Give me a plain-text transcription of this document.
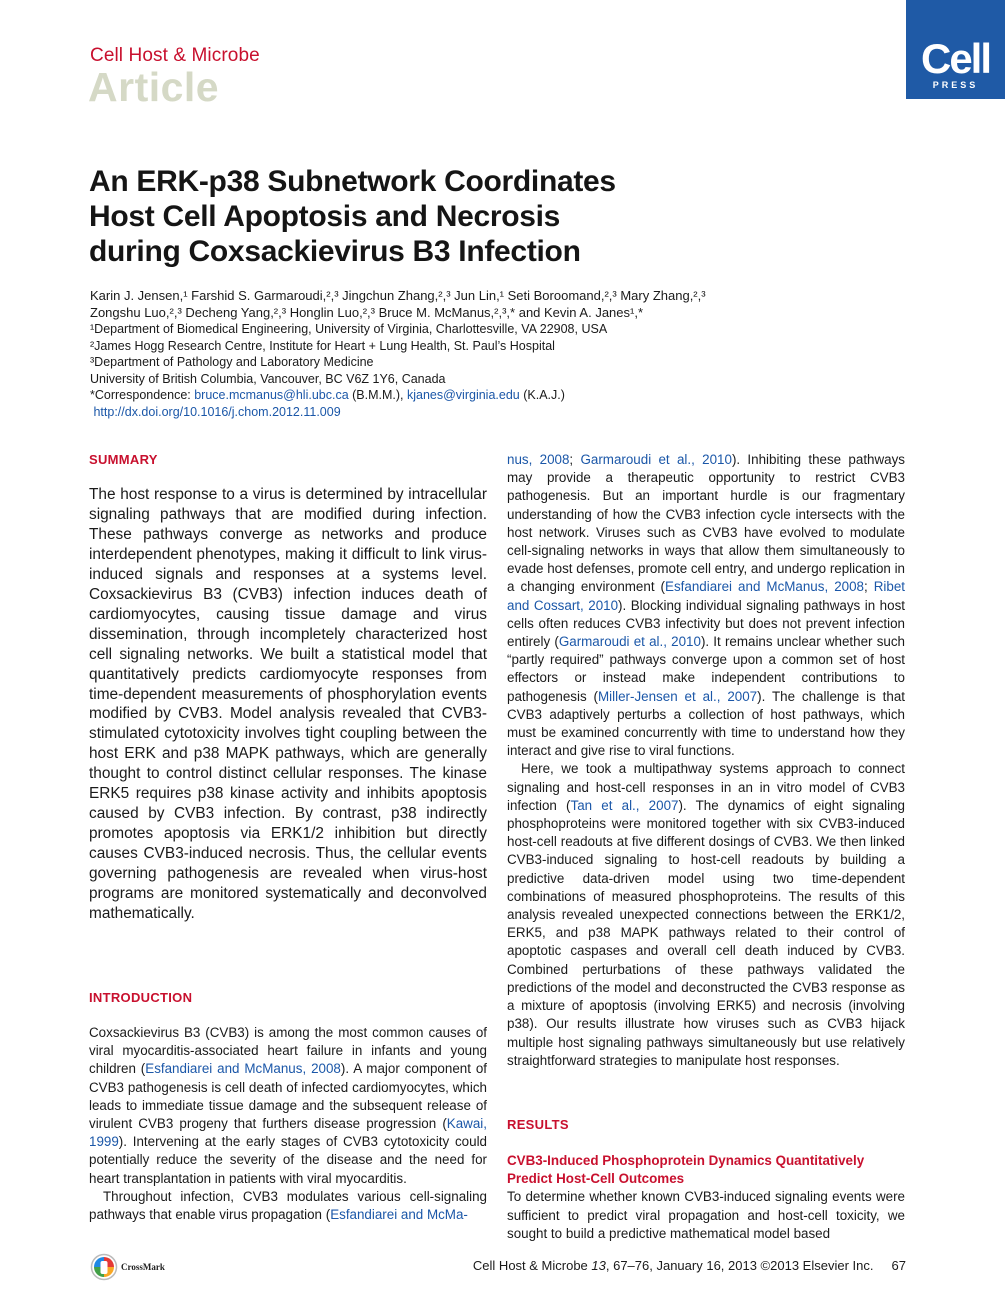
Cell Host & Microbe
Article
Cell
PRESS
An ERK-p38 Subnetwork Coordinates
Host Cell Apoptosis and Necrosis
during Coxsackievirus B3 Infection
Karin J. Jensen,¹ Farshid S. Garmaroudi,²,³ Jingchun Zhang,²,³ Jun Lin,¹ Seti Boroomand,²,³ Mary Zhang,²,³
Zongshu Luo,²,³ Decheng Yang,²,³ Honglin Luo,²,³ Bruce M. McManus,²,³,* and Kevin A. Janes¹,*
¹Department of Biomedical Engineering, University of Virginia, Charlottesville, VA 22908, USA
²James Hogg Research Centre, Institute for Heart + Lung Health, St. Paul’s Hospital
³Department of Pathology and Laboratory Medicine
University of British Columbia, Vancouver, BC V6Z 1Y6, Canada
*Correspondence: bruce.mcmanus@hli.ubc.ca (B.M.M.), kjanes@virginia.edu (K.A.J.)
http://dx.doi.org/10.1016/j.chom.2012.11.009
SUMMARY
The host response to a virus is determined by intracellular signaling pathways that are modified during infection. These pathways converge as networks and produce interdependent phenotypes, making it difficult to link virus-induced signals and responses at a systems level. Coxsackievirus B3 (CVB3) infection induces death of cardiomyocytes, causing tissue damage and virus dissemination, through incompletely characterized host cell signaling networks. We built a statistical model that quantitatively predicts cardiomyocyte responses from time-dependent measurements of phosphorylation events modified by CVB3. Model analysis revealed that CVB3-stimulated cytotoxicity involves tight coupling between the host ERK and p38 MAPK pathways, which are generally thought to control distinct cellular responses. The kinase ERK5 requires p38 kinase activity and inhibits apoptosis caused by CVB3 infection. By contrast, p38 indirectly promotes apoptosis via ERK1/2 inhibition but directly causes CVB3-induced necrosis. Thus, the cellular events governing pathogenesis are revealed when virus-host programs are monitored systematically and deconvolved mathematically.
INTRODUCTION

Coxsackievirus B3 (CVB3) is among the most common causes of viral myocarditis-associated heart failure in infants and young children (Esfandiarei and McManus, 2008). A major component of CVB3 pathogenesis is cell death of infected cardiomyocytes, which leads to immediate tissue damage and the subsequent release of virulent CVB3 progeny that furthers disease progression (Kawai, 1999). Intervening at the early stages of CVB3 cytotoxicity could potentially reduce the severity of the disease and the need for heart transplantation in patients with viral myocarditis.

Throughout infection, CVB3 modulates various cell-signaling pathways that enable virus propagation (Esfandiarei and McMa-

nus, 2008; Garmaroudi et al., 2010). Inhibiting these pathways may provide a therapeutic opportunity to restrict CVB3 pathogenesis. But an important hurdle is our fragmentary understanding of how the CVB3 infection cycle intersects with the host network. Viruses such as CVB3 have evolved to modulate cell-signaling networks in ways that allow them simultaneously to evade host defenses, promote cell entry, and undergo replication in a changing environment (Esfandiarei and McManus, 2008; Ribet and Cossart, 2010). Blocking individual signaling pathways in host cells often reduces CVB3 infectivity but does not prevent infection entirely (Garmaroudi et al., 2010). It remains unclear whether such “partly required” pathways converge upon a common set of host effectors or instead make independent contributions to pathogenesis (Miller-Jensen et al., 2007). The challenge is that CVB3 adaptively perturbs a collection of host pathways, which must be examined concurrently with time to understand how they interact and give rise to viral functions.

Here, we took a multipathway systems approach to connect signaling and host-cell responses in an in vitro model of CVB3 infection (Tan et al., 2007). The dynamics of eight signaling phosphoproteins were monitored together with six CVB3-induced host-cell readouts at five different dosings of CVB3. We then linked CVB3-induced signaling to host-cell readouts by building a predictive data-driven model using two time-dependent combinations of measured phosphoproteins. The results of this analysis revealed unexpected connections between the ERK1/2, ERK5, and p38 MAPK pathways related to their control of apoptotic caspases and overall cell death induced by CVB3. Combined perturbations of these pathways validated the predictions of the model and deconstructed the CVB3 response as a mixture of apoptosis (involving ERK5) and necrosis (involving p38). Our results illustrate how viruses such as CVB3 hijack multiple host signaling pathways simultaneously but use relatively straightforward strategies to manipulate host responses.

RESULTS
CVB3-Induced Phosphoprotein Dynamics Quantitatively Predict Host-Cell Outcomes

To determine whether known CVB3-induced signaling events were sufficient to predict viral propagation and host-cell toxicity, we sought to build a predictive mathematical model based

CrossMark	Cell Host & Microbe 13, 67–76, January 16, 2013 ©2013 Elsevier Inc. 67
